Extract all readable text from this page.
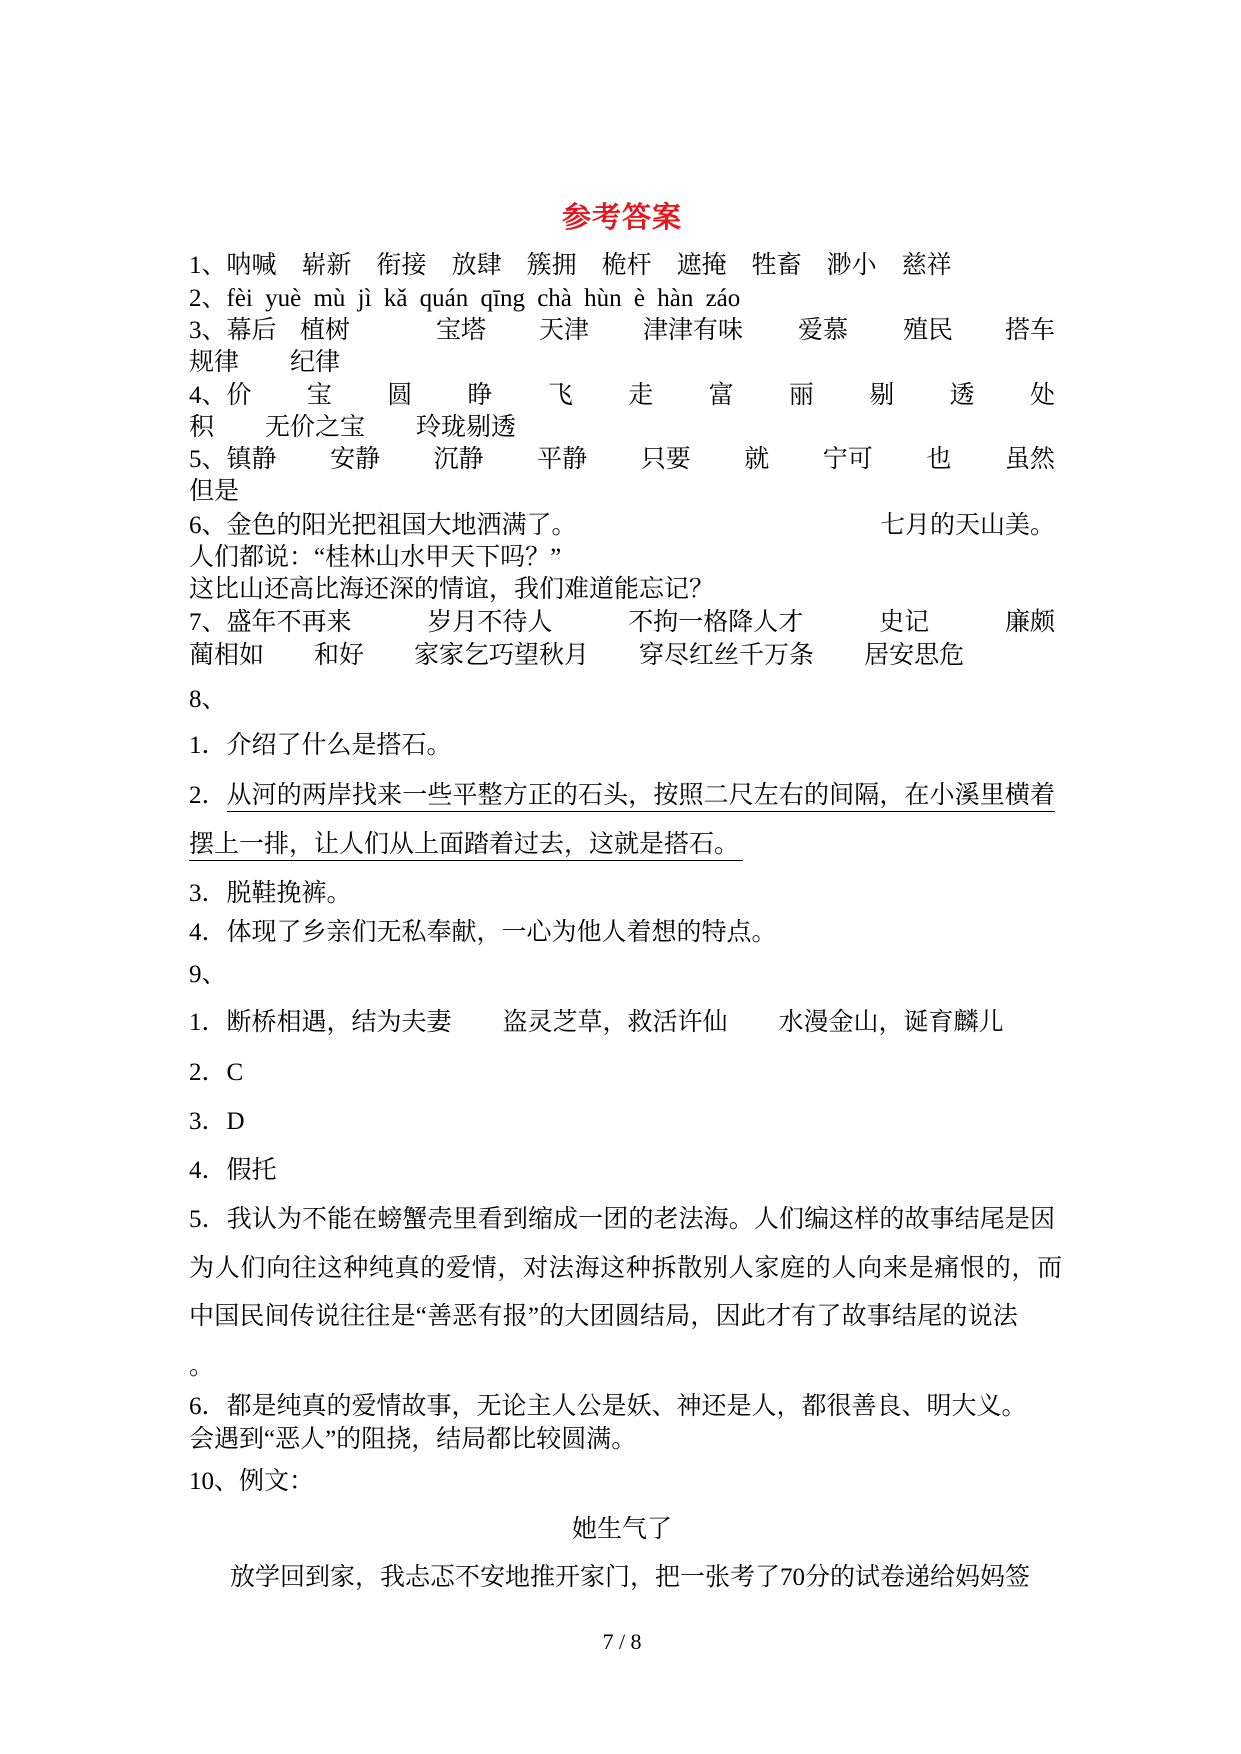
参考答案
1、呐喊 崭新 衔接 放肆 簇拥 桅杆 遮掩 牲畜 渺小 慈祥
2、fèi yuè mù jì kǎ quán qīng chà hùn è hàn záo
3、幕后 植树	宝塔 天津 津津有味 爱慕 殖民 搭车
规律 纪律
4、价 宝 圆 睁 飞 走 富 丽 剔 透 处
积 无价之宝 玲珑剔透
5、镇静 安静 沉静 平静 只要 就 宁可 也 虽然
但是
6、金色的阳光把祖国大地洒满了。	七月的天山美。
人们都说：“桂林山水甲天下吗？”
这比山还高比海还深的情谊，我们难道能忘记？
7、盛年不再来	岁月不待人	不拘一格降人才	史记	廉颇
蔺相如 和好 家家乞巧望秋月 穿尽红丝千万条 居安思危
8、
1．介绍了什么是搭石。
2． 从河的两岸找来一些平整方正的石头，按照二尺左右的间隔，在小溪里横着
摆上一排，让人们从上面踏着过去，这就是搭石。
3．脱鞋挽裤。
4．体现了乡亲们无私奉献，一心为他人着想的特点。
9、
1．断桥相遇，结为夫妻 盗灵芝草，救活许仙 水漫金山，诞育麟儿
2．C
3．D
4．假托
5．我认为不能在螃蟹壳里看到缩成一团的老法海。人们编这样的故事结尾是因
为人们向往这种纯真的爱情，对法海这种拆散别人家庭的人向来是痛恨的，而
中国民间传说往往是“善恶有报”的大团圆结局，因此才有了故事结尾的说法
。
6．都是纯真的爱情故事，无论主人公是妖、神还是人，都很善良、明大义。
会遇到“恶人”的阻挠，结局都比较圆满。
10、例文：
她生气了
放学回到家，我忐忑不安地推开家门，把一张考了70分的试卷递给妈妈签
7 / 8
